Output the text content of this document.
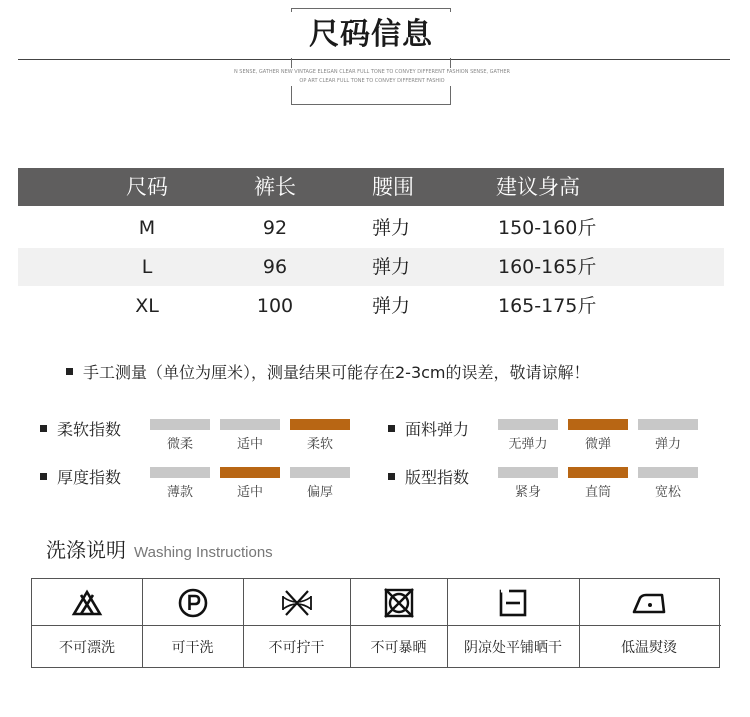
尺码信息
N SENSE, GATHER NEW VINTAGE ELEGAN CLEAR FULL TONE TO CONVEY DIFFERENT FASHION SENSE, GATHER
OP ART CLEAR FULL TONE TO CONVEY DIFFERENT FASHIO
尺码	裤长	腰围	建议身高
M	92	弹力	150-160斤
L	96	弹力	160-165斤
XL	100	弹力	165-175斤
手工测量（单位为厘米），测量结果可能存在2-3cm的误差，敬请谅解！
柔软指数
微柔	适中	柔软
面料弹力
无弹力	微弹	弹力
厚度指数
薄款	适中	偏厚
版型指数
紧身	直筒	宽松
洗涤说明 Washing Instructions
不可漂洗	可干洗	不可拧干	不可暴晒	阴凉处平铺晒干	低温熨烫
